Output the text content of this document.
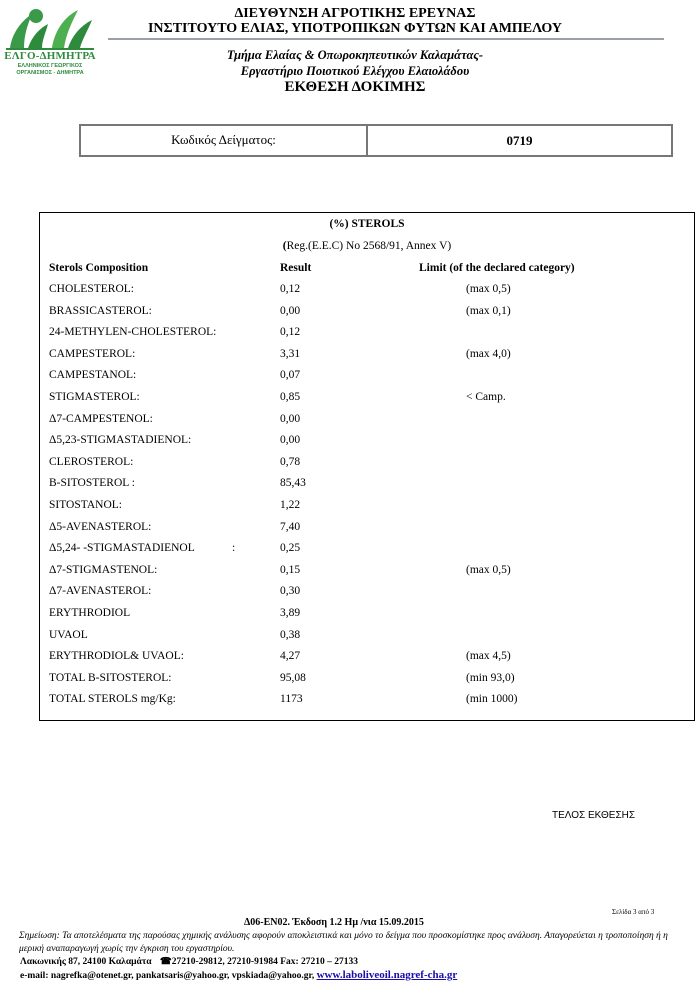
ΕΛΓΟ-ΔΗΜΗΤΡΑ
ΕΛΛΗΝΙΚΟΣ ΓΕΩΡΓΙΚΟΣ
ΟΡΓΑΝΙΣΜΟΣ - ΔΗΜΗΤΡΑ
ΔΙΕΥΘΥΝΣΗ ΑΓΡΟΤΙΚΗΣ ΕΡΕΥΝΑΣ
ΙΝΣΤΙΤΟΥΤΟ ΕΛΙΑΣ, ΥΠΟΤΡΟΠΙΚΩΝ ΦΥΤΩΝ ΚΑΙ ΑΜΠΕΛΟΥ
Τμήμα Ελαίας & Οπωροκηπευτικών Καλαμάτας-
Εργαστήριο Ποιοτικού Ελέγχου Ελαιολάδου
ΕΚΘΕΣΗ ΔΟΚΙΜΗΣ
Κωδικός Δείγματος:	0719
(%) STEROLS
(Reg.(E.E.C) No 2568/91, Annex V)
Sterols Composition	Result	Limit (of the declared category)
CHOLESTEROL:	0,12	(max 0,5)
BRASSICASTEROL:	0,00	(max 0,1)
24-METHYLEN-CHOLESTEROL:	0,12
CAMPESTEROL:	3,31	(max 4,0)
CAMPESTANOL:	0,07
STIGMASTEROL:	0,85	< Camp.
Δ7-CAMPESTENOL:	0,00
Δ5,23-STIGMASTADIENOL:	0,00
CLEROSTEROL:	0,78
B-SITOSTEROL :	85,43
SITOSTANOL:	1,22
Δ5-AVENASTEROL:	7,40
Δ5,24- -STIGMASTADIENOL	:	0,25
Δ7-STIGMASTENOL:	0,15	(max 0,5)
Δ7-AVENASTEROL:	0,30
ERYTHRODIOL	3,89
UVAOL	0,38
ERYTHRODIOL& UVAOL:	4,27	(max 4,5)
TOTAL B-SITOSTEROL:	95,08	(min 93,0)
TOTAL STEROLS mg/Kg:	1173	(min 1000)
ΤΕΛΟΣ ΕΚΘΕΣΗΣ
Σελίδα 3 από 3
Δ06-ΕΝ02. Έκδοση 1.2 Ημ /νια 15.09.2015
Σημείωση: Τα αποτελέσματα της παρούσας χημικής ανάλυσης αφορούν αποκλειστικά και μόνο το δείγμα που προσκομίστηκε προς ανάλυση. Απαγορεύεται η τροποποίηση ή η μερική αναπαραγωγή χωρίς την έγκριση του εργαστηρίου.
Λακωνικής 87, 24100 Καλαμάτα ☎27210-29812, 27210-91984 Fax: 27210 – 27133
e-mail: nagrefka@otenet.gr, pankatsaris@yahoo.gr, vpskiada@yahoo.gr, www.laboliveoil.nagref-cha.gr
